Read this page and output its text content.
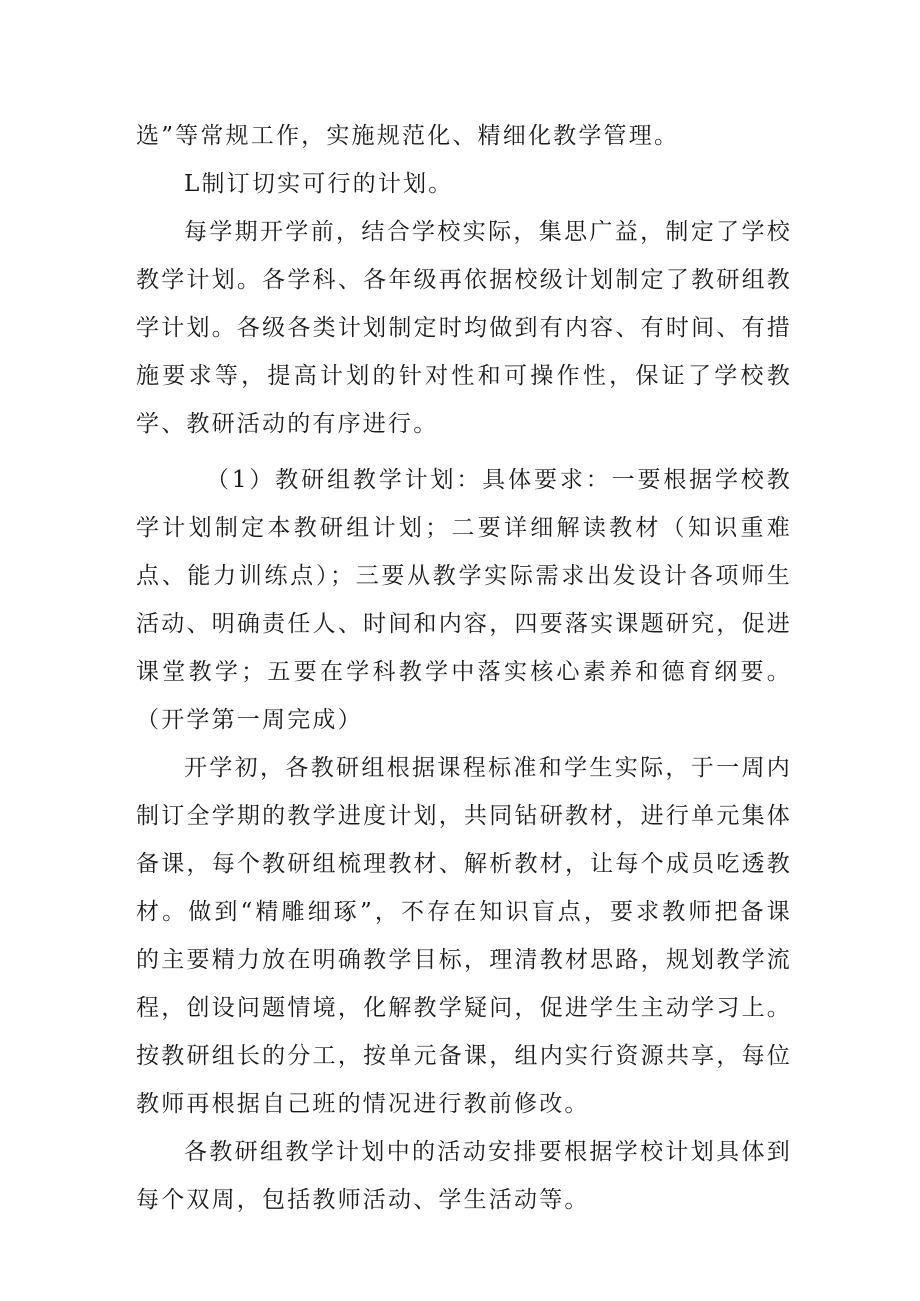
选”等常规工作，实施规范化、精细化教学管理。

L制订切实可行的计划。

每学期开学前，结合学校实际，集思广益，制定了学校教学计划。各学科、各年级再依据校级计划制定了教研组教学计划。各级各类计划制定时均做到有内容、有时间、有措施要求等，提高计划的针对性和可操作性，保证了学校教学、教研活动的有序进行。

（1）教研组教学计划：具体要求：一要根据学校教学计划制定本教研组计划；二要详细解读教材（知识重难点、能力训练点）；三要从教学实际需求出发设计各项师生活动、明确责任人、时间和内容，四要落实课题研究，促进课堂教学；五要在学科教学中落实核心素养和德育纲要。（开学第一周完成）

开学初，各教研组根据课程标准和学生实际，于一周内制订全学期的教学进度计划，共同钻研教材，进行单元集体备课，每个教研组梳理教材、解析教材，让每个成员吃透教材。做到“精雕细琢”，不存在知识盲点，要求教师把备课的主要精力放在明确教学目标，理清教材思路，规划教学流程，创设问题情境，化解教学疑问，促进学生主动学习上。按教研组长的分工，按单元备课，组内实行资源共享，每位教师再根据自己班的情况进行教前修改。

各教研组教学计划中的活动安排要根据学校计划具体到每个双周，包括教师活动、学生活动等。
